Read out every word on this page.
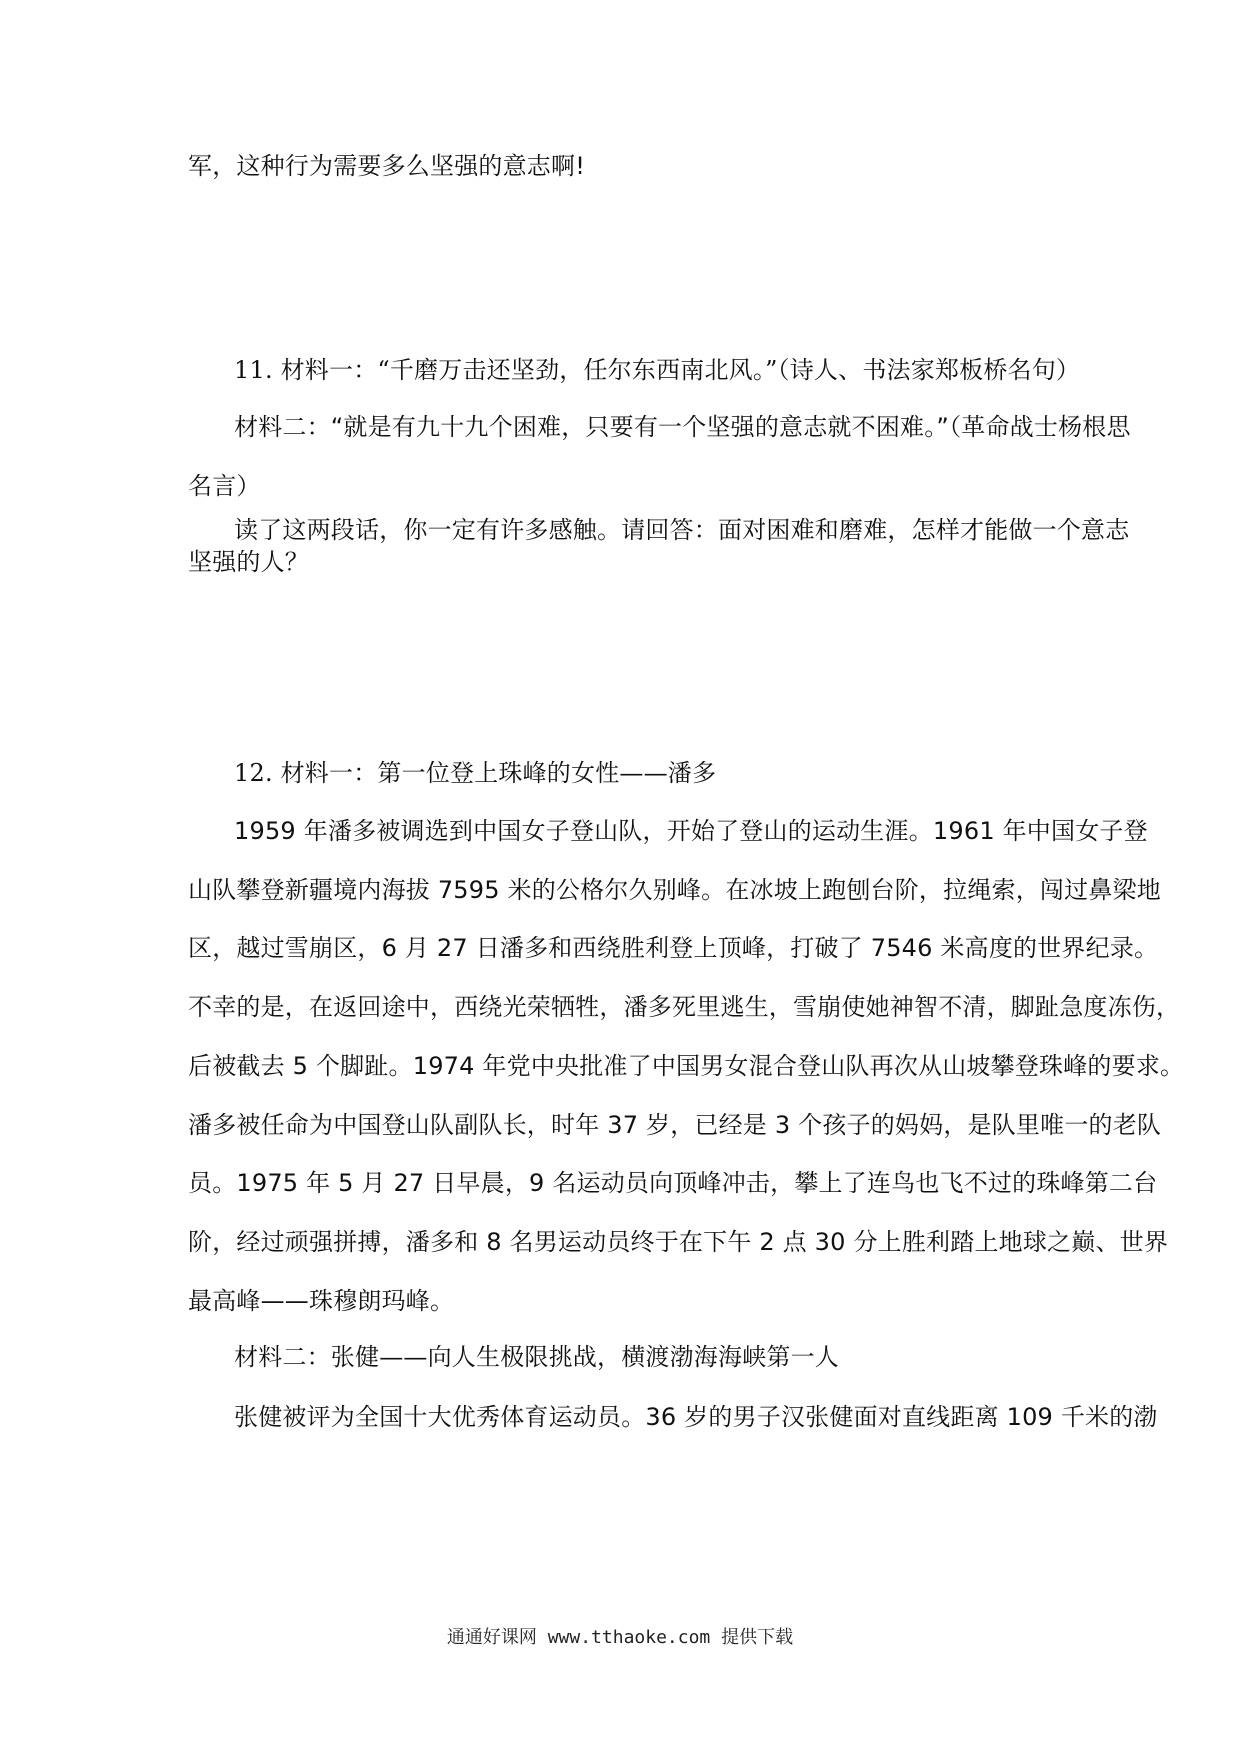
军，这种行为需要多么坚强的意志啊!
11. 材料一：“千磨万击还坚劲，任尔东西南北风。”（诗人、书法家郑板桥名句）
材料二：“就是有九十九个困难，只要有一个坚强的意志就不困难。”（革命战士杨根思
名言）
读了这两段话，你一定有许多感触。请回答：面对困难和磨难，怎样才能做一个意志
坚强的人？
12. 材料一：第一位登上珠峰的女性——潘多
1959 年潘多被调选到中国女子登山队，开始了登山的运动生涯。1961 年中国女子登
山队攀登新疆境内海拔 7595 米的公格尔久别峰。在冰坡上跑刨台阶，拉绳索，闯过鼻梁地
区，越过雪崩区，6 月 27 日潘多和西绕胜利登上顶峰，打破了 7546 米高度的世界纪录。
不幸的是，在返回途中，西绕光荣牺牲，潘多死里逃生，雪崩使她神智不清，脚趾急度冻伤，
后被截去 5 个脚趾。1974 年党中央批准了中国男女混合登山队再次从山坡攀登珠峰的要求。
潘多被任命为中国登山队副队长，时年 37 岁，已经是 3 个孩子的妈妈，是队里唯一的老队
员。1975 年 5 月 27 日早晨，9 名运动员向顶峰冲击，攀上了连鸟也飞不过的珠峰第二台
阶，经过顽强拼搏，潘多和 8 名男运动员终于在下午 2 点 30 分上胜利踏上地球之巅、世界
最高峰——珠穆朗玛峰。
材料二：张健——向人生极限挑战，横渡渤海海峡第一人
张健被评为全国十大优秀体育运动员。36 岁的男子汉张健面对直线距离 109 千米的渤
通通好课网 www.tthaoke.com 提供下载
